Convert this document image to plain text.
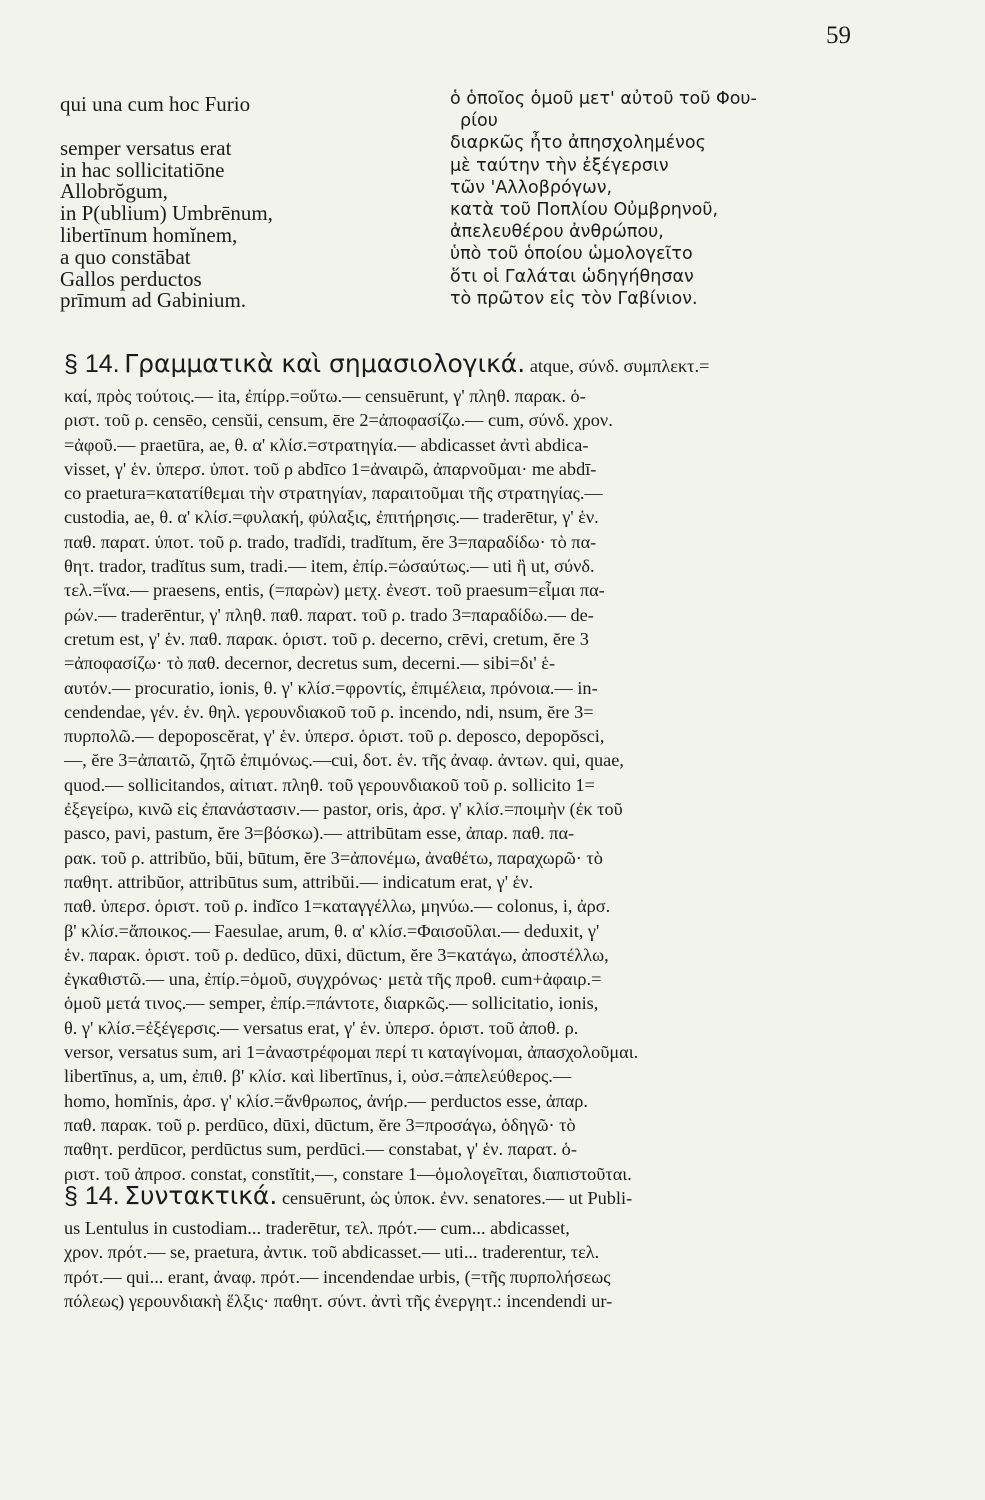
59
qui una cum hoc Furio
semper versatus erat
in hac sollicitatiōne
Allobrŏgum,
in P(ublium) Umbrēnum,
libertīnum homĭnem,
a quo constābat
Gallos perductos
prīmum ad Gabinium.
ὁ ὁποῖος ὁμοῦ μετ' αὐτοῦ τοῦ Φου-
ρίου
διαρκῶς ἦτο ἀπησχολημένος
μὲ ταύτην τὴν ἐξέγερσιν
τῶν 'Αλλοβρόγων,
κατὰ τοῦ Ποπλίου Οὐμβρηνοῦ,
ἀπελευθέρου ἀνθρώπου,
ὑπὸ τοῦ ὁποίου ὡμολογεῖτο
ὅτι οἱ Γαλάται ὡδηγήθησαν
τὸ πρῶτον εἰς τὸν Γαβίνιον.
§ 14. Γραμματικὰ καὶ σημασιολογικά. atque, σύνδ. συμπλεκτ.=
καί, πρὸς τούτοις.— ita, ἐπίρρ.=οὕτω.— censuērunt, γ' πληθ. παρακ. ὁ-
ριστ. τοῦ ρ. censēo, censŭi, censum, ēre 2=ἀποφασίζω.— cum, σύνδ. χρον.
=ἀφοῦ.— praetūra, ae, θ. α' κλίσ.=στρατηγία.— abdicasset ἀντὶ abdica-
visset, γ' ἑν. ὑπερσ. ὑποτ. τοῦ ρ abdīco 1=ἀναιρῶ, ἀπαρνοῦμαι· me abdī-
co praetura=κατατίθεμαι τὴν στρατηγίαν, παραιτοῦμαι τῆς στρατηγίας.—
custodia, ae, θ. α' κλίσ.=φυλακή, φύλαξις, ἐπιτήρησις.— traderētur, γ' ἑν.
παθ. παρατ. ὑποτ. τοῦ ρ. trado, tradĭdi, tradĭtum, ĕre 3=παραδίδω· τὸ πα-
θητ. trador, tradĭtus sum, tradi.— item, ἐπίρ.=ὡσαύτως.— uti ἢ ut, σύνδ.
τελ.=ἵνα.— praesens, entis, (=παρὼν) μετχ. ἐνεστ. τοῦ praesum=εἶμαι πα-
ρών.— traderēntur, γ' πληθ. παθ. παρατ. τοῦ ρ. trado 3=παραδίδω.— de-
cretum est, γ' ἑν. παθ. παρακ. ὁριστ. τοῦ ρ. decerno, crēvi, cretum, ĕre 3
=ἀποφασίζω· τὸ παθ. decernor, decretus sum, decerni.— sibi=δι' ἑ-
αυτόν.— procuratio, ionis, θ. γ' κλίσ.=φροντίς, ἐπιμέλεια, πρόνοια.— in-
cendendae, γέν. ἑν. θηλ. γερουνδιακοῦ τοῦ ρ. incendo, ndi, nsum, ĕre 3=
πυρπολῶ.— depoposcĕrat, γ' ἑν. ὑπερσ. ὁριστ. τοῦ ρ. deposco, depopŏsci,
—, ĕre 3=ἀπαιτῶ, ζητῶ ἐπιμόνως.—cui, δοτ. ἑν. τῆς ἀναφ. ἀντων. qui, quae,
quod.— sollicitandos, αἰτιατ. πληθ. τοῦ γερουνδιακοῦ τοῦ ρ. sollicito 1=
ἐξεγείρω, κινῶ εἰς ἐπανάστασιν.— pastor, oris, ἀρσ. γ' κλίσ.=ποιμὴν (ἐκ τοῦ
pasco, pavi, pastum, ĕre 3=βόσκω).— attribūtam esse, ἀπαρ. παθ. πα-
ρακ. τοῦ ρ. attribŭo, bŭi, būtum, ĕre 3=ἀπονέμω, ἀναθέτω, παραχωρῶ· τὸ
παθητ. attribŭor, attribūtus sum, attribŭi.— indicatum erat, γ' ἑν.
παθ. ὑπερσ. ὁριστ. τοῦ ρ. indĭco 1=καταγγέλλω, μηνύω.— colonus, i, ἀρσ.
β' κλίσ.=ἄποικος.— Faesulae, arum, θ. α' κλίσ.=Φαισοῦλαι.— deduxit, γ'
ἑν. παρακ. ὁριστ. τοῦ ρ. dedūco, dūxi, dūctum, ĕre 3=κατάγω, ἀποστέλλω,
ἐγκαθιστῶ.— una, ἐπίρ.=ὁμοῦ, συγχρόνως· μετὰ τῆς προθ. cum+ἀφαιρ.=
ὁμοῦ μετά τινος.— semper, ἐπίρ.=πάντοτε, διαρκῶς.— sollicitatio, ionis,
θ. γ' κλίσ.=ἐξέγερσις.— versatus erat, γ' ἑν. ὑπερσ. ὁριστ. τοῦ ἀποθ. ρ.
versor, versatus sum, ari 1=ἀναστρέφομαι περί τι καταγίνομαι, ἀπασχολοῦμαι.
libertīnus, a, um, ἐπιθ. β' κλίσ. καὶ libertīnus, i, οὐσ.=ἀπελεύθερος.—
homo, homĭnis, ἀρσ. γ' κλίσ.=ἄνθρωπος, ἀνήρ.— perductos esse, ἀπαρ.
παθ. παρακ. τοῦ ρ. perdūco, dūxi, dūctum, ĕre 3=προσάγω, ὁδηγῶ· τὸ
παθητ. perdūcor, perdūctus sum, perdūci.— constabat, γ' ἑν. παρατ. ὁ-
ριστ. τοῦ ἀπροσ. constat, constĭtit,—, constare 1—ὁμολογεῖται, διαπιστοῦται.
§ 14. Συντακτικά. censuērunt, ὡς ὑποκ. ἐνν. senatores.— ut Publi-
us Lentulus in custodiam... traderētur, τελ. πρότ.— cum... abdicasset,
χρον. πρότ.— se, praetura, ἀντικ. τοῦ abdicasset.— uti... traderentur, τελ.
πρότ.— qui... erant, ἀναφ. πρότ.— incendendae urbis, (=τῆς πυρπολήσεως
πόλεως) γερουνδιακὴ ἕλξις· παθητ. σύντ. ἀντὶ τῆς ἐνεργητ.: incendendi ur-
